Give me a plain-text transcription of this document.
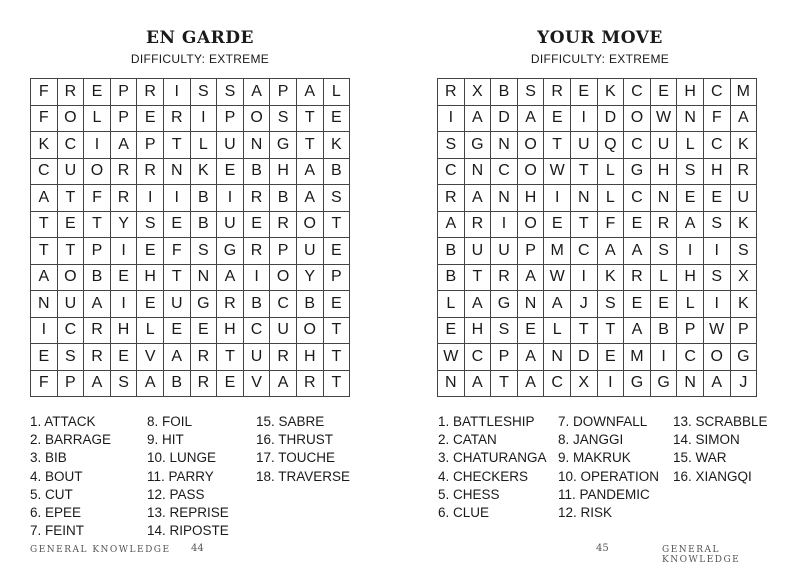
EN GARDE
DIFFICULTY: EXTREME
F	R	E	P	R	I	S	S	A	P	A	L
F	O	L	P	E	R	I	P	O	S	T	E
K	C	I	A	P	T	L	U	N	G	T	K
C	U	O	R	R	N	K	E	B	H	A	B
A	T	F	R	I	I	B	I	R	B	A	S
T	E	T	Y	S	E	B	U	E	R	O	T
T	T	P	I	E	F	S	G	R	P	U	E
A	O	B	E	H	T	N	A	I	O	Y	P
N	U	A	I	E	U	G	R	B	C	B	E
I	C	R	H	L	E	E	H	C	U	O	T
E	S	R	E	V	A	R	T	U	R	H	T
F	P	A	S	A	B	R	E	V	A	R	T
1. ATTACK
2. BARRAGE
3. BIB
4. BOUT
5. CUT
6. EPEE
7. FEINT
8. FOIL
9. HIT
10. LUNGE
11. PARRY
12. PASS
13. REPRISE
14. RIPOSTE
15. SABRE
16. THRUST
17. TOUCHE
18. TRAVERSE
GENERAL KNOWLEDGE 44
YOUR MOVE
DIFFICULTY: EXTREME
R	X	B	S	R	E	K	C	E	H	C	M
I	A	D	A	E	I	D	O	W	N	F	A
S	G	N	O	T	U	Q	C	U	L	C	K
C	N	C	O	W	T	L	G	H	S	H	R
R	A	N	H	I	N	L	C	N	E	E	U
A	R	I	O	E	T	F	E	R	A	S	K
B	U	U	P	M	C	A	A	S	I	I	S
B	T	R	A	W	I	K	R	L	H	S	X
L	A	G	N	A	J	S	E	E	L	I	K
E	H	S	E	L	T	T	A	B	P	W	P
W	C	P	A	N	D	E	M	I	C	O	G
N	A	T	A	C	X	I	G	G	N	A	J
1. BATTLESHIP
2. CATAN
3. CHATURANGA
4. CHECKERS
5. CHESS
6. CLUE
7. DOWNFALL
8. JANGGI
9. MAKRUK
10. OPERATION
11. PANDEMIC
12. RISK
13. SCRABBLE
14. SIMON
15. WAR
16. XIANGQI
45	GENERAL KNOWLEDGE
